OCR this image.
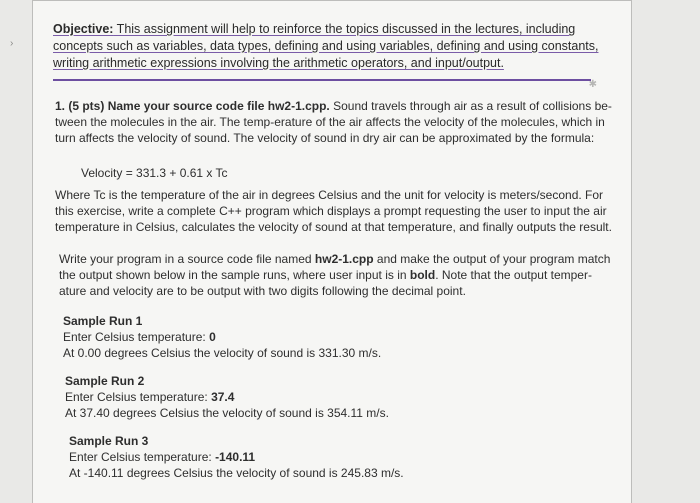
›
Objective: This assignment will help to reinforce the topics discussed in the lectures, including concepts such as variables, data types, defining and using variables, defining and using constants, writing arithmetic expressions involving the arithmetic operators, and input/output.
✱
1. (5 pts) Name your source code file hw2-1.cpp. Sound travels through air as a result of collisions be-tween the molecules in the air. The temp-erature of the air affects the velocity of the molecules, which in turn affects the velocity of sound. The velocity of sound in dry air can be approximated by the formula:
Velocity = 331.3 + 0.61 x Tc
Where Tc is the temperature of the air in degrees Celsius and the unit for velocity is meters/second. For this exercise, write a complete C++ program which displays a prompt requesting the user to input the air temperature in Celsius, calculates the velocity of sound at that temperature, and finally outputs the result.
Write your program in a source code file named hw2-1.cpp and make the output of your program match the output shown below in the sample runs, where user input is in bold. Note that the output temper-ature and velocity are to be output with two digits following the decimal point.
Sample Run 1
Enter Celsius temperature: 0
At 0.00 degrees Celsius the velocity of sound is 331.30 m/s.
Sample Run 2
Enter Celsius temperature: 37.4
At 37.40 degrees Celsius the velocity of sound is 354.11 m/s.
Sample Run 3
Enter Celsius temperature: -140.11
At -140.11 degrees Celsius the velocity of sound is 245.83 m/s.
